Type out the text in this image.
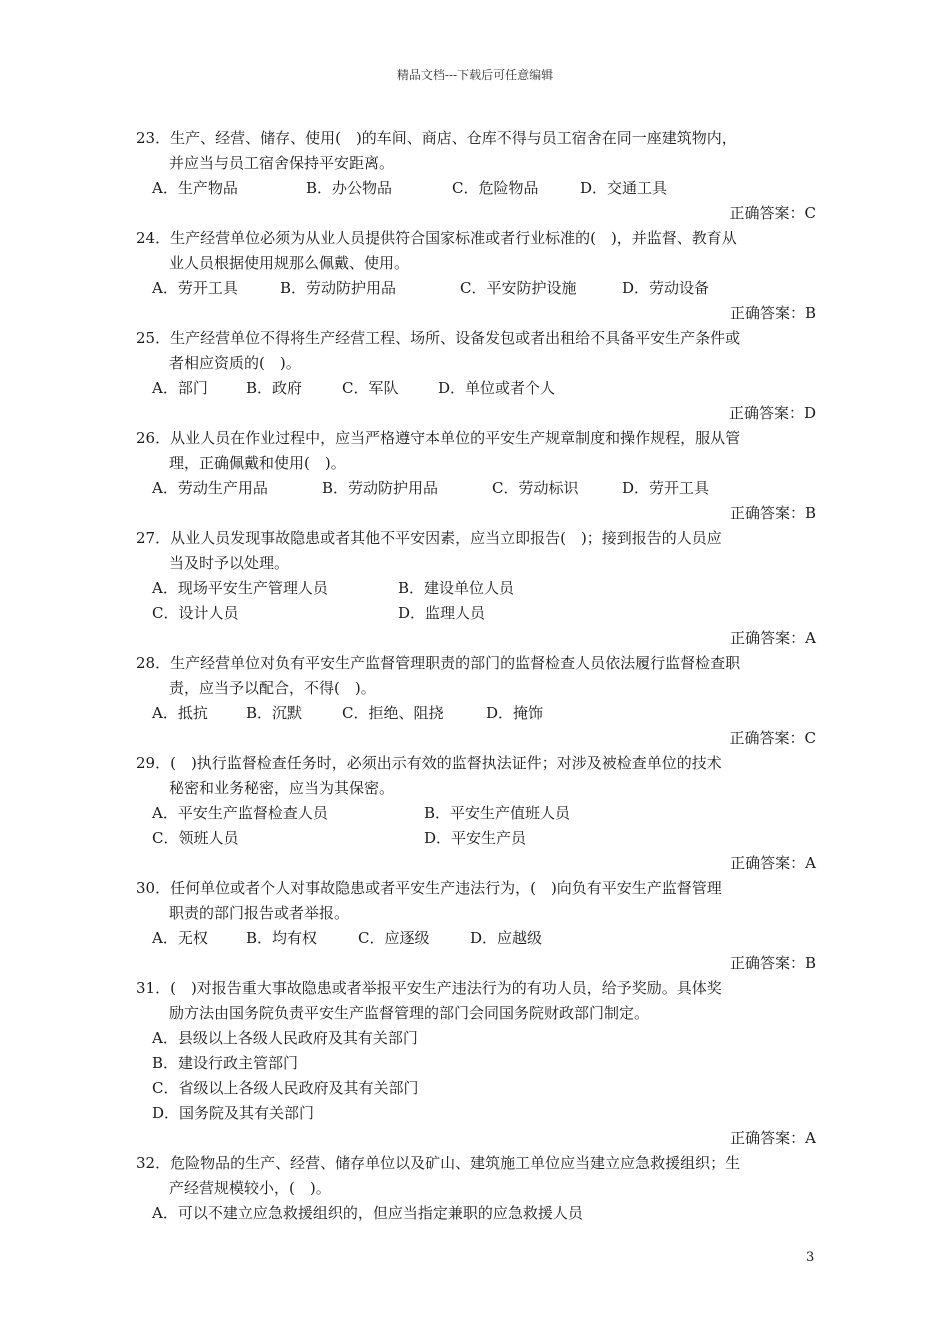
精品文档---下载后可任意编辑
23．生产、经营、储存、使用(　)的车间、商店、仓库不得与员工宿舍在同一座建筑物内，
并应当与员工宿舍保持平安距离。
A．生产物品	B．办公物品	C．危险物品	D．交通工具
正确答案：C
24．生产经营单位必须为从业人员提供符合国家标准或者行业标准的(　)，并监督、教育从
业人员根据使用规那么佩戴、使用。
A．劳开工具	B．劳动防护用品	C．平安防护设施	D．劳动设备
正确答案：B
25．生产经营单位不得将生产经营工程、场所、设备发包或者出租给不具备平安生产条件或
者相应资质的(　)。
A．部门	B．政府	C．军队	D．单位或者个人
正确答案：D
26．从业人员在作业过程中，应当严格遵守本单位的平安生产规章制度和操作规程，服从管
理，正确佩戴和使用(　)。
A．劳动生产用品	B．劳动防护用品	C．劳动标识	D．劳开工具
正确答案：B
27．从业人员发现事故隐患或者其他不平安因素，应当立即报告(　)；接到报告的人员应
当及时予以处理。
A．现场平安生产管理人员	B．建设单位人员
C．设计人员	D．监理人员
正确答案：A
28．生产经营单位对负有平安生产监督管理职责的部门的监督检查人员依法履行监督检查职
责，应当予以配合，不得(　)。
A．抵抗	B．沉默	C．拒绝、阻挠	D．掩饰
正确答案：C
29．(　)执行监督检查任务时，必须出示有效的监督执法证件；对涉及被检查单位的技术
秘密和业务秘密，应当为其保密。
A．平安生产监督检查人员	B．平安生产值班人员
C．领班人员	D．平安生产员
正确答案：A
30．任何单位或者个人对事故隐患或者平安生产违法行为，(　)向负有平安生产监督管理
职责的部门报告或者举报。
A．无权	B．均有权	C．应逐级	D．应越级
正确答案：B
31．(　)对报告重大事故隐患或者举报平安生产违法行为的有功人员，给予奖励。具体奖
励方法由国务院负责平安生产监督管理的部门会同国务院财政部门制定。
A．县级以上各级人民政府及其有关部门
B．建设行政主管部门
C．省级以上各级人民政府及其有关部门
D．国务院及其有关部门
正确答案：A
32．危险物品的生产、经营、储存单位以及矿山、建筑施工单位应当建立应急救援组织；生
产经营规模较小，(　)。
A．可以不建立应急救援组织的，但应当指定兼职的应急救援人员
3
